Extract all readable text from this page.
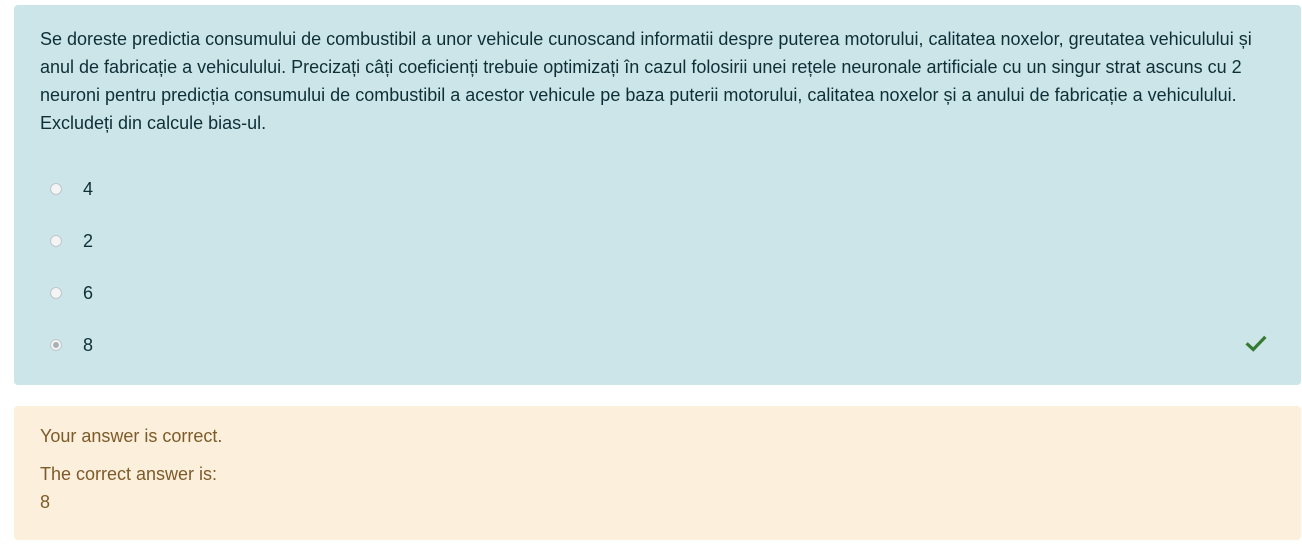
Se doreste predictia consumului de combustibil a unor vehicule cunoscand informatii despre puterea motorului, calitatea noxelor, greutatea vehiculului și anul de fabricație a vehiculului. Precizați câți coeficienți trebuie optimizați în cazul folosirii unei rețele neuronale artificiale cu un singur strat ascuns cu 2 neuroni pentru predicția consumului de combustibil a acestor vehicule pe baza puterii motorului, calitatea noxelor și a anului de fabricație a vehiculului. Excludeți din calcule bias-ul.

4
2
6
8

Your answer is correct.

The correct answer is:

8
